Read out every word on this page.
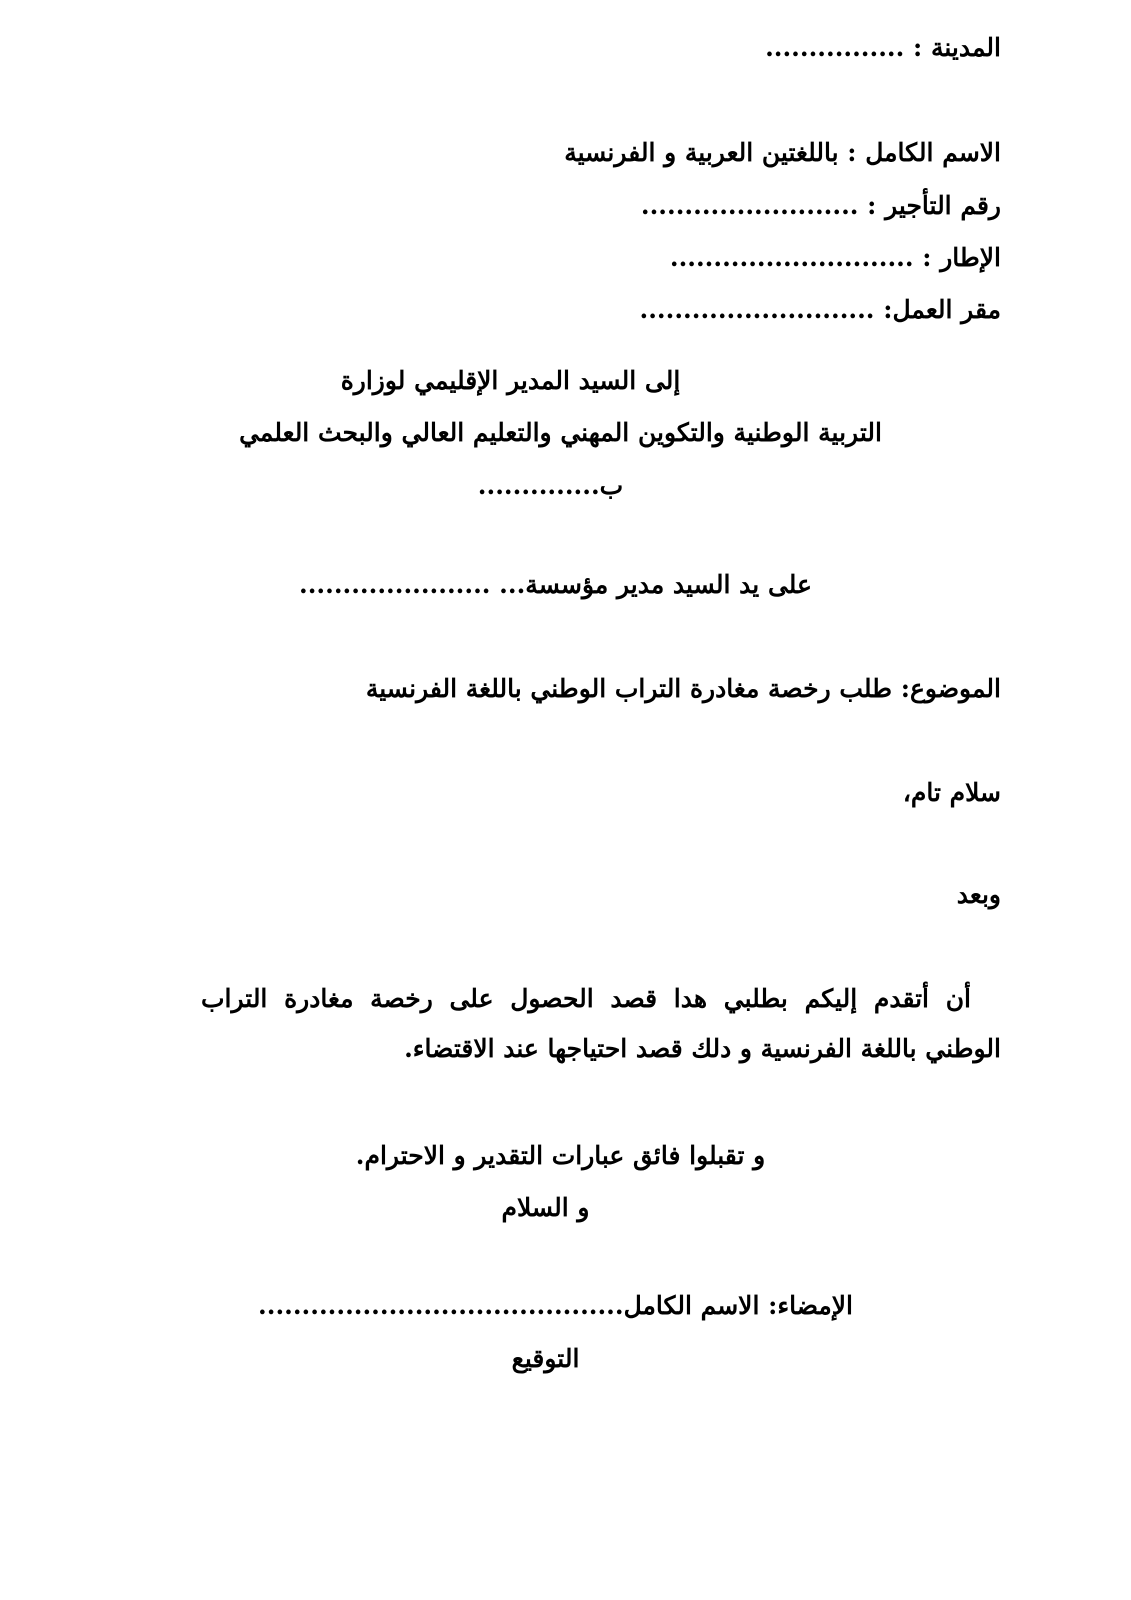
المدينة : ................
الاسم الكامل : باللغتين العربية و الفرنسية
رقم التأجير : .........................
الإطار : ............................
مقر العمل: ...........................
إلى السيد المدير الإقليمي لوزارة
التربية الوطنية والتكوين المهني والتعليم العالي والبحث العلمي
ب..............
على يد السيد مدير مؤسسة... ......................
الموضوع: طلب رخصة مغادرة التراب الوطني باللغة الفرنسية
سلام تام،
وبعد
أن أتقدم إليكم بطلبي هدا قصد الحصول على رخصة مغادرة التراب الوطني باللغة الفرنسية و دلك قصد احتياجها عند الاقتضاء.
و تقبلوا فائق عبارات التقدير و الاحترام.
و السلام
الإمضاء: الاسم الكامل..........................................
التوقيع
